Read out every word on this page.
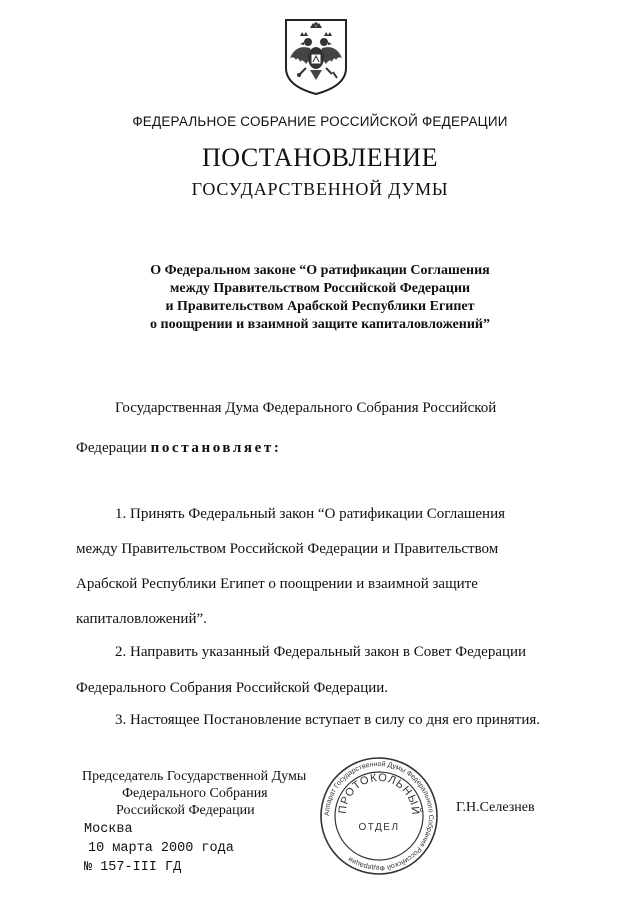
ФЕДЕРАЛЬНОЕ СОБРАНИЕ РОССИЙСКОЙ ФЕДЕРАЦИИ
ПОСТАНОВЛЕНИЕ
ГОСУДАРСТВЕННОЙ ДУМЫ
О Федеральном законе “О ратификации Соглашения
между Правительством Российской Федерации
и Правительством Арабской Республики Египет
о поощрении и взаимной защите капиталовложений”
Государственная Дума Федерального Собрания Российской
Федерации постановляет:
1. Принять Федеральный закон “О ратификации Соглашения
между Правительством Российской Федерации и Правительством
Арабской Республики Египет о поощрении и взаимной защите
капиталовложений”.
2. Направить указанный Федеральный закон в Совет Федерации
Федерального Собрания Российской Федерации.
3. Настоящее Постановление вступает в силу со дня его принятия.
Председатель Государственной Думы
Федерального Собрания
Российской Федерации	Аппарат Государственной Думы Федерального Собрания Российской Федерации
ПРОТОКОЛЬНЫЙ
ОТДЕЛ
Г.Н.Селезнев
Москва
10 марта 2000 года
№ 157-III ГД
